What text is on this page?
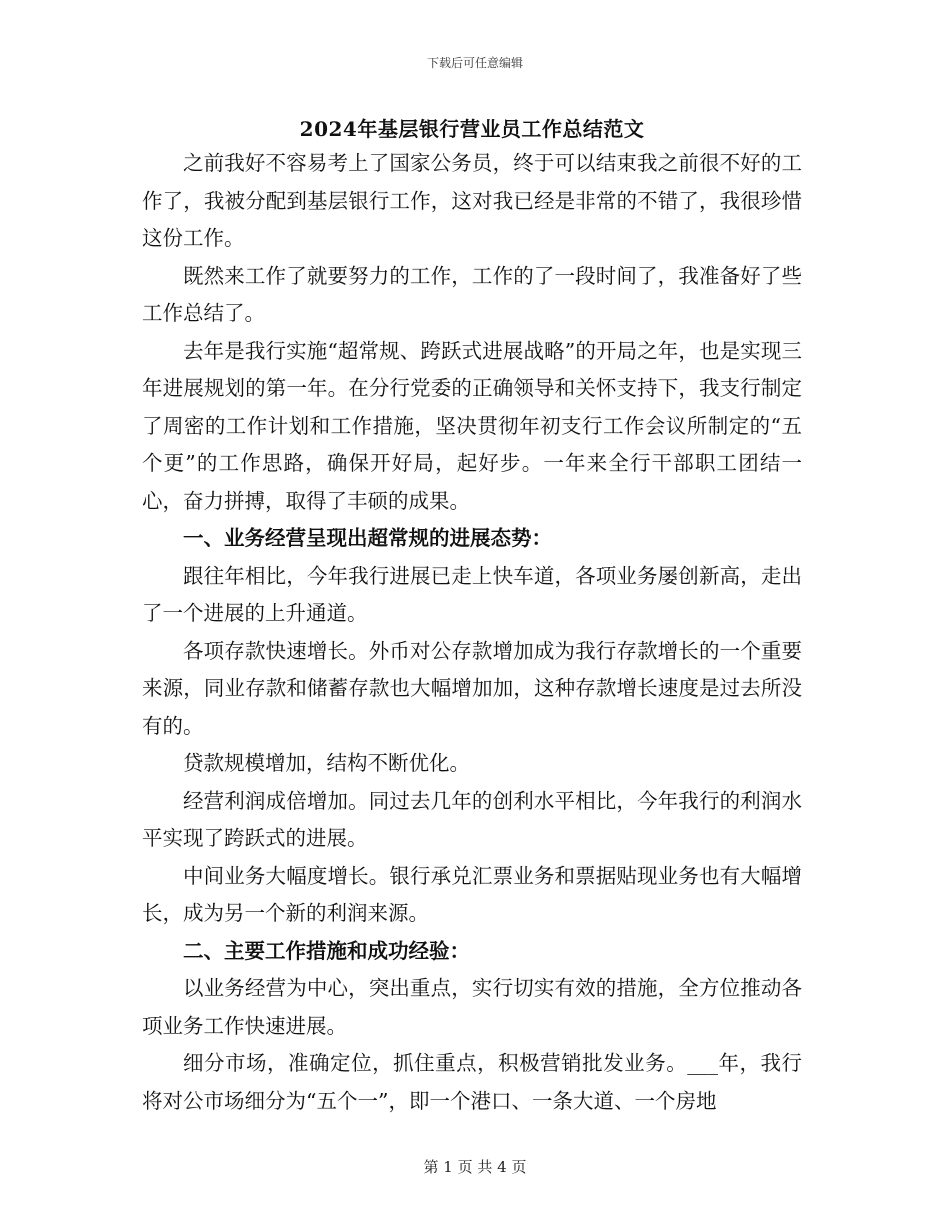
下载后可任意编辑
2024年基层银行营业员工作总结范文

之前我好不容易考上了国家公务员，终于可以结束我之前很不好的工作了，我被分配到基层银行工作，这对我已经是非常的不错了，我很珍惜这份工作。

既然来工作了就要努力的工作，工作的了一段时间了，我准备好了些工作总结了。

去年是我行实施“超常规、跨跃式进展战略”的开局之年，也是实现三年进展规划的第一年。在分行党委的正确领导和关怀支持下，我支行制定了周密的工作计划和工作措施，坚决贯彻年初支行工作会议所制定的“五个更”的工作思路，确保开好局，起好步。一年来全行干部职工团结一心，奋力拼搏，取得了丰硕的成果。

一、业务经营呈现出超常规的进展态势：

跟往年相比，今年我行进展已走上快车道，各项业务屡创新高，走出了一个进展的上升通道。

各项存款快速增长。外币对公存款增加成为我行存款增长的一个重要来源，同业存款和储蓄存款也大幅增加加，这种存款增长速度是过去所没有的。

贷款规模增加，结构不断优化。

经营利润成倍增加。同过去几年的创利水平相比，今年我行的利润水平实现了跨跃式的进展。

中间业务大幅度增长。银行承兑汇票业务和票据贴现业务也有大幅增长，成为另一个新的利润来源。

二、主要工作措施和成功经验：

以业务经营为中心，突出重点，实行切实有效的措施，全方位推动各项业务工作快速进展。

细分市场，准确定位，抓住重点，积极营销批发业务。___年，我行将对公市场细分为“五个一”，即一个港口、一条大道、一个房地

第 1 页 共 4 页
